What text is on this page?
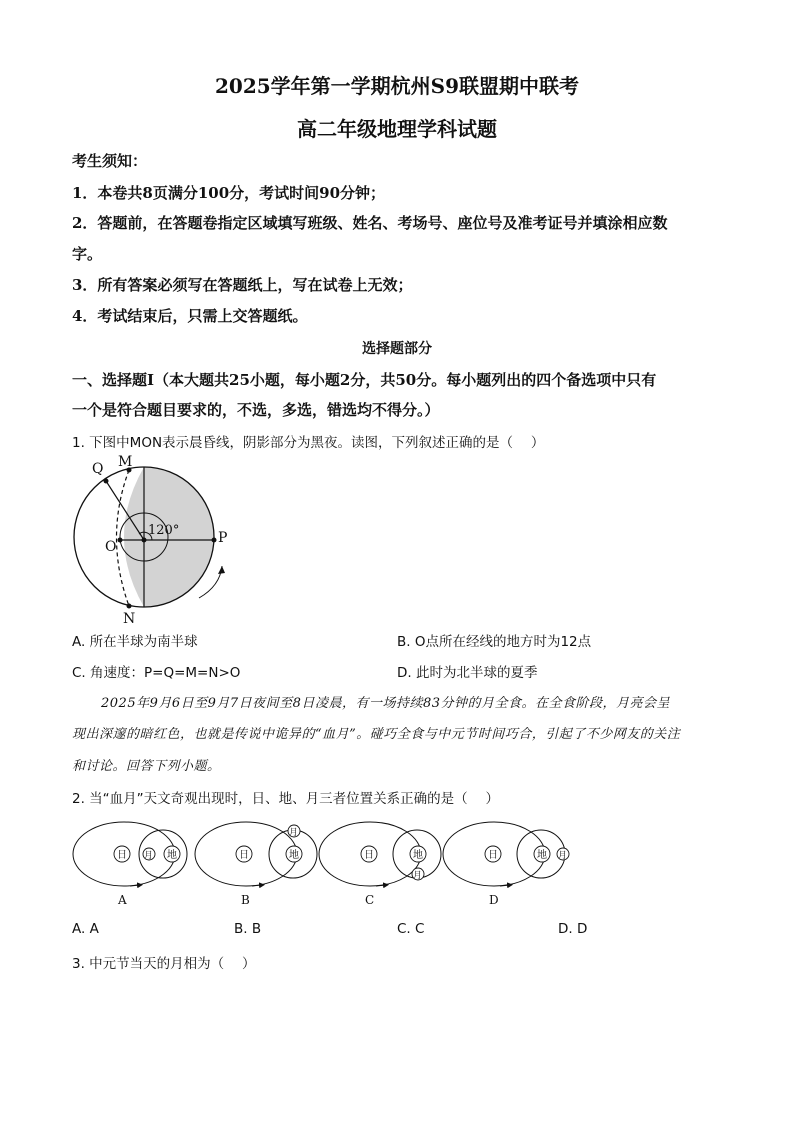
2025学年第一学期杭州S9联盟期中联考
高二年级地理学科试题
考生须知：
1．本卷共8页满分100分，考试时间90分钟；
2．答题前，在答题卷指定区域填写班级、姓名、考场号、座位号及准考证号并填涂相应数
字。
3．所有答案必须写在答题纸上，写在试卷上无效；
4．考试结束后，只需上交答题纸。
选择题部分
一、选择题Ⅰ（本大题共25小题，每小题2分，共50分。每小题列出的四个备选项中只有
一个是符合题目要求的，不选，多选，错选均不得分。）
1. 下图中MON表示晨昏线，阴影部分为黑夜。读图，下列叙述正确的是（　 ）
Q M
O
P
N
120°
A. 所在半球为南半球	B. O点所在经线的地方时为12点
C. 角速度：P=Q=M=N>O	D. 此时为北半球的夏季
2025年9月6日至9月7日夜间至8日凌晨，有一场持续83分钟的月全食。在全食阶段，月亮会呈
现出深邃的暗红色，也就是传说中诡异的“血月”。碰巧全食与中元节时间巧合，引起了不少网友的关注
和讨论。回答下列小题。
2. 当“血月”天文奇观出现时，日、地、月三者位置关系正确的是（　 ）
日 月 地
A
日	地
月
B
日	地
月
C
日	地 月
D
A. A	B. B	C. C	D. D
3. 中元节当天的月相为（　 ）
